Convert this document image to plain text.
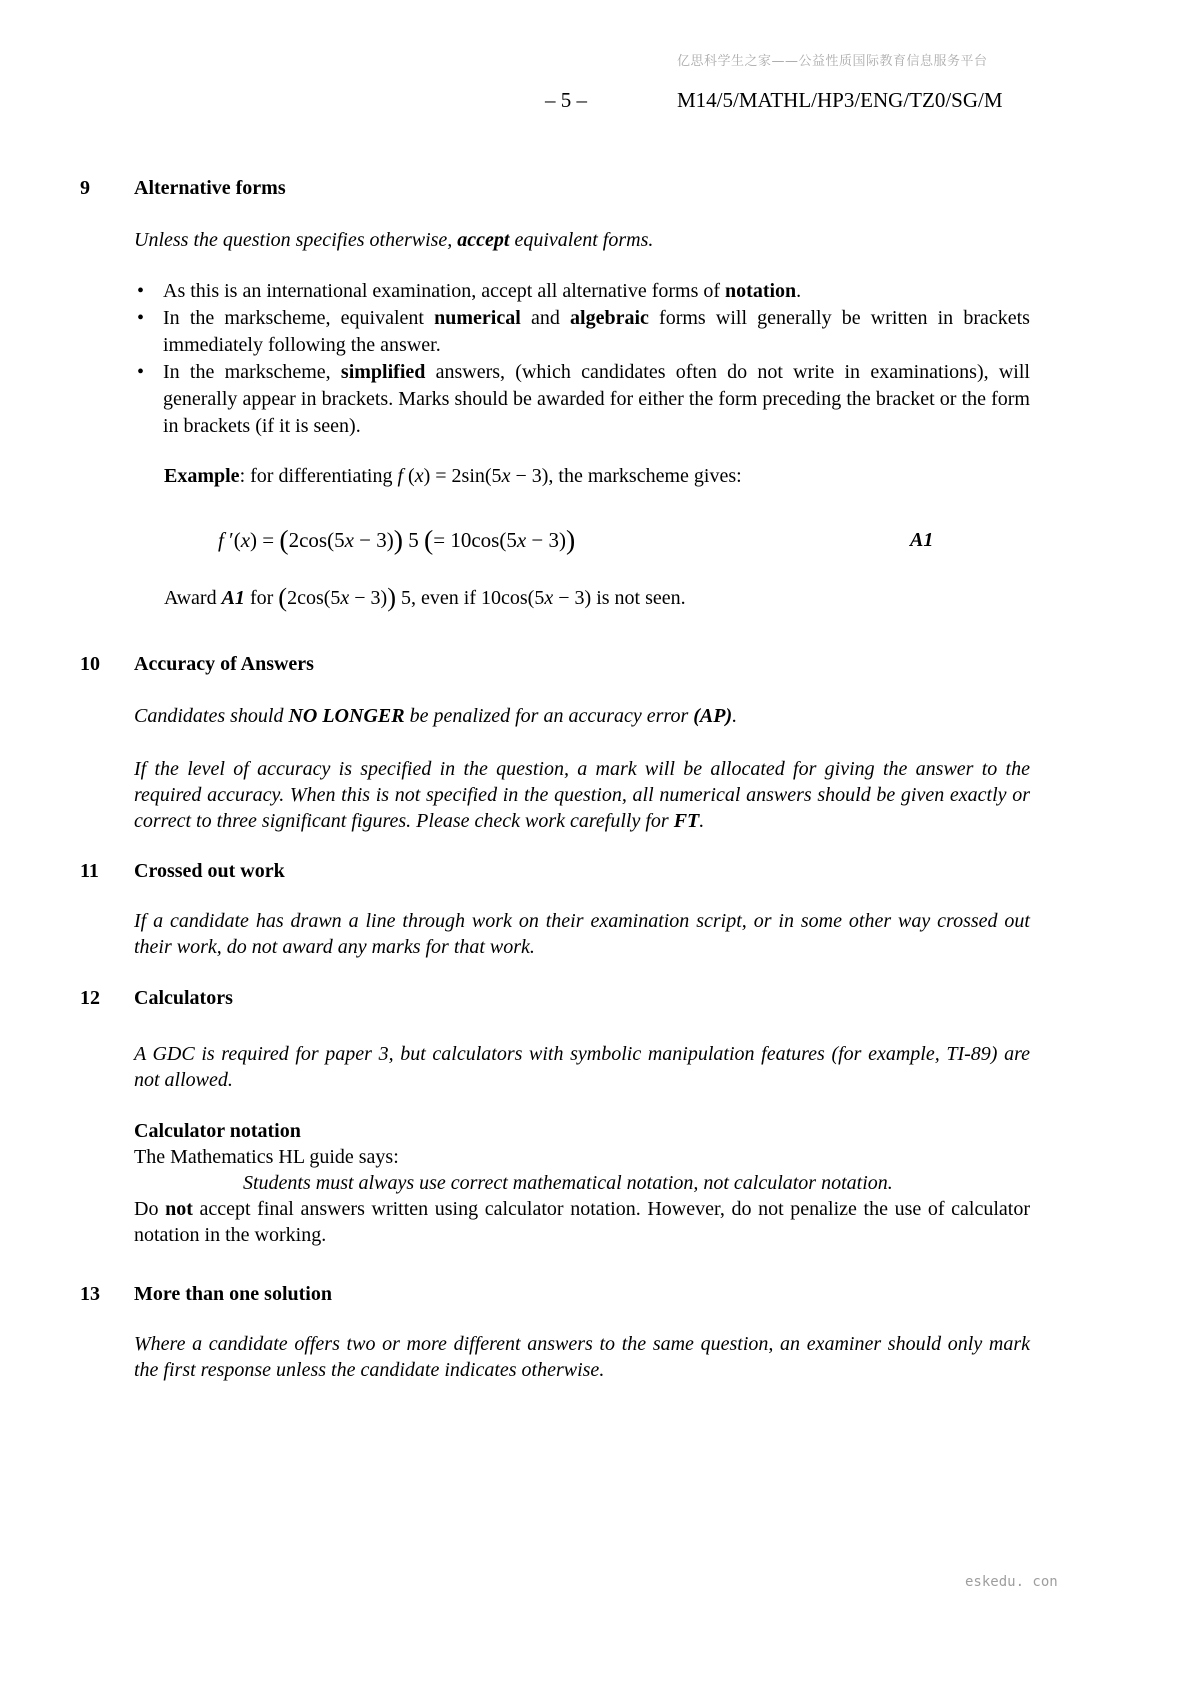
亿思科学生之家——公益性质国际教育信息服务平台
– 5 –	M14/5/MATHL/HP3/ENG/TZ0/SG/M
9	Alternative forms

Unless the question specifies otherwise, accept equivalent forms.

• As this is an international examination, accept all alternative forms of notation.
• In the markscheme, equivalent numerical and algebraic forms will generally be written in brackets immediately following the answer.
• In the markscheme, simplified answers, (which candidates often do not write in examinations), will generally appear in brackets. Marks should be awarded for either the form preceding the bracket or the form in brackets (if it is seen).
Example: for differentiating f (x) = 2sin(5x − 3), the markscheme gives:
f ′(x) = (2cos(5x − 3)) 5 (= 10cos(5x − 3))	A1
Award A1 for (2cos(5x − 3)) 5, even if 10cos(5x − 3) is not seen.
10	Accuracy of Answers

Candidates should NO LONGER be penalized for an accuracy error (AP).

If the level of accuracy is specified in the question, a mark will be allocated for giving the answer to the required accuracy. When this is not specified in the question, all numerical answers should be given exactly or correct to three significant figures. Please check work carefully for FT.

11	Crossed out work

If a candidate has drawn a line through work on their examination script, or in some other way crossed out their work, do not award any marks for that work.

12	Calculators

A GDC is required for paper 3, but calculators with symbolic manipulation features (for example, TI-89) are not allowed.

Calculator notation

The Mathematics HL guide says:

Students must always use correct mathematical notation, not calculator notation.

Do not accept final answers written using calculator notation. However, do not penalize the use of calculator notation in the working.

13	More than one solution

Where a candidate offers two or more different answers to the same question, an examiner should only mark the first response unless the candidate indicates otherwise.

eskedu. con
